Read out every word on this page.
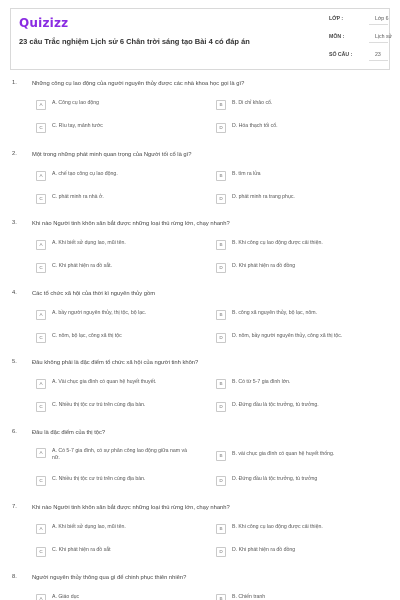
Quizizz
23 câu Trắc nghiệm Lịch sử 6 Chân trời sáng tạo Bài 4 có đáp án
LỚP :	Lớp 6
MÔN :	Lịch sử
SỐ CÂU :	23
1.	Những công cụ lao động của người nguyên thủy được các nhà khoa học gọi là gì?
A	A. Công cụ lao động	B	B. Di chỉ khảo cổ.
C	C. Rìu tay, mảnh tước	D	D. Hóa thạch tối cổ.
2.	Một trong những phát minh quan trọng của Người tối cổ là gì?
A	A. chế tạo công cụ lao động.	B	B. tìm ra lửa
C	C. phát minh ra nhà ở.	D	D. phát minh ra trang phục.
3.	Khi nào Người tinh khôn săn bắt được những loại thú rừng lớn, chạy nhanh?
A	A. Khi biết sử dụng lao, mũi tên.	B	B. Khi công cụ lao động được cải thiện.
C	C. Khi phát hiện ra đồ sắt.	D	D. Khi phát hiện ra đồ đồng
4.	Các tổ chức xã hội của thời kì nguyên thủy gồm
A	A. bầy người nguyên thủy, thị tộc, bộ lạc.	B	B. công xã nguyên thủy, bộ lạc, nôm.
C	C. nôm, bộ lạc, công xã thị tộc	D	D. nôm, bầy người nguyên thủy, công xã thị tộc.
5.	Đâu không phải là đặc điểm tổ chức xã hội của người tinh khôn?
A	A. Vài chục gia đình có quan hệ huyết thuyết.	B	B. Có từ 5-7 gia đình lớn.
C	C. Nhiều thị tộc cư trú trên cùng địa bàn.	D	D. Đứng đầu là tộc trưởng, tù trưởng.
6.	Đâu là đặc điểm của thị tộc?
A	A. Có 5-7 gia đình, có sự phân công lao động giữa nam và nữ.	B	B. vài chục gia đình có quan hệ huyết thống.
C	C. Nhiều thị tộc cư trú trên cùng địa bàn.	D	D. Đứng đầu là tộc trưởng, tù trưởng
7.	Khi nào Người tinh khôn săn bắt được những loại thú rừng lớn, chạy nhanh?
A	A. Khi biết sử dụng lao, mũi tên.	B	B. Khi công cụ lao động được cải thiện.
C	C. Khi phát hiện ra đồ sắt	D	D. Khi phát hiện ra đồ đồng
8.	Người nguyên thủy thông qua gì để chinh phục thiên nhiên?
A	A. Giáo dục	B	B. Chiến tranh
